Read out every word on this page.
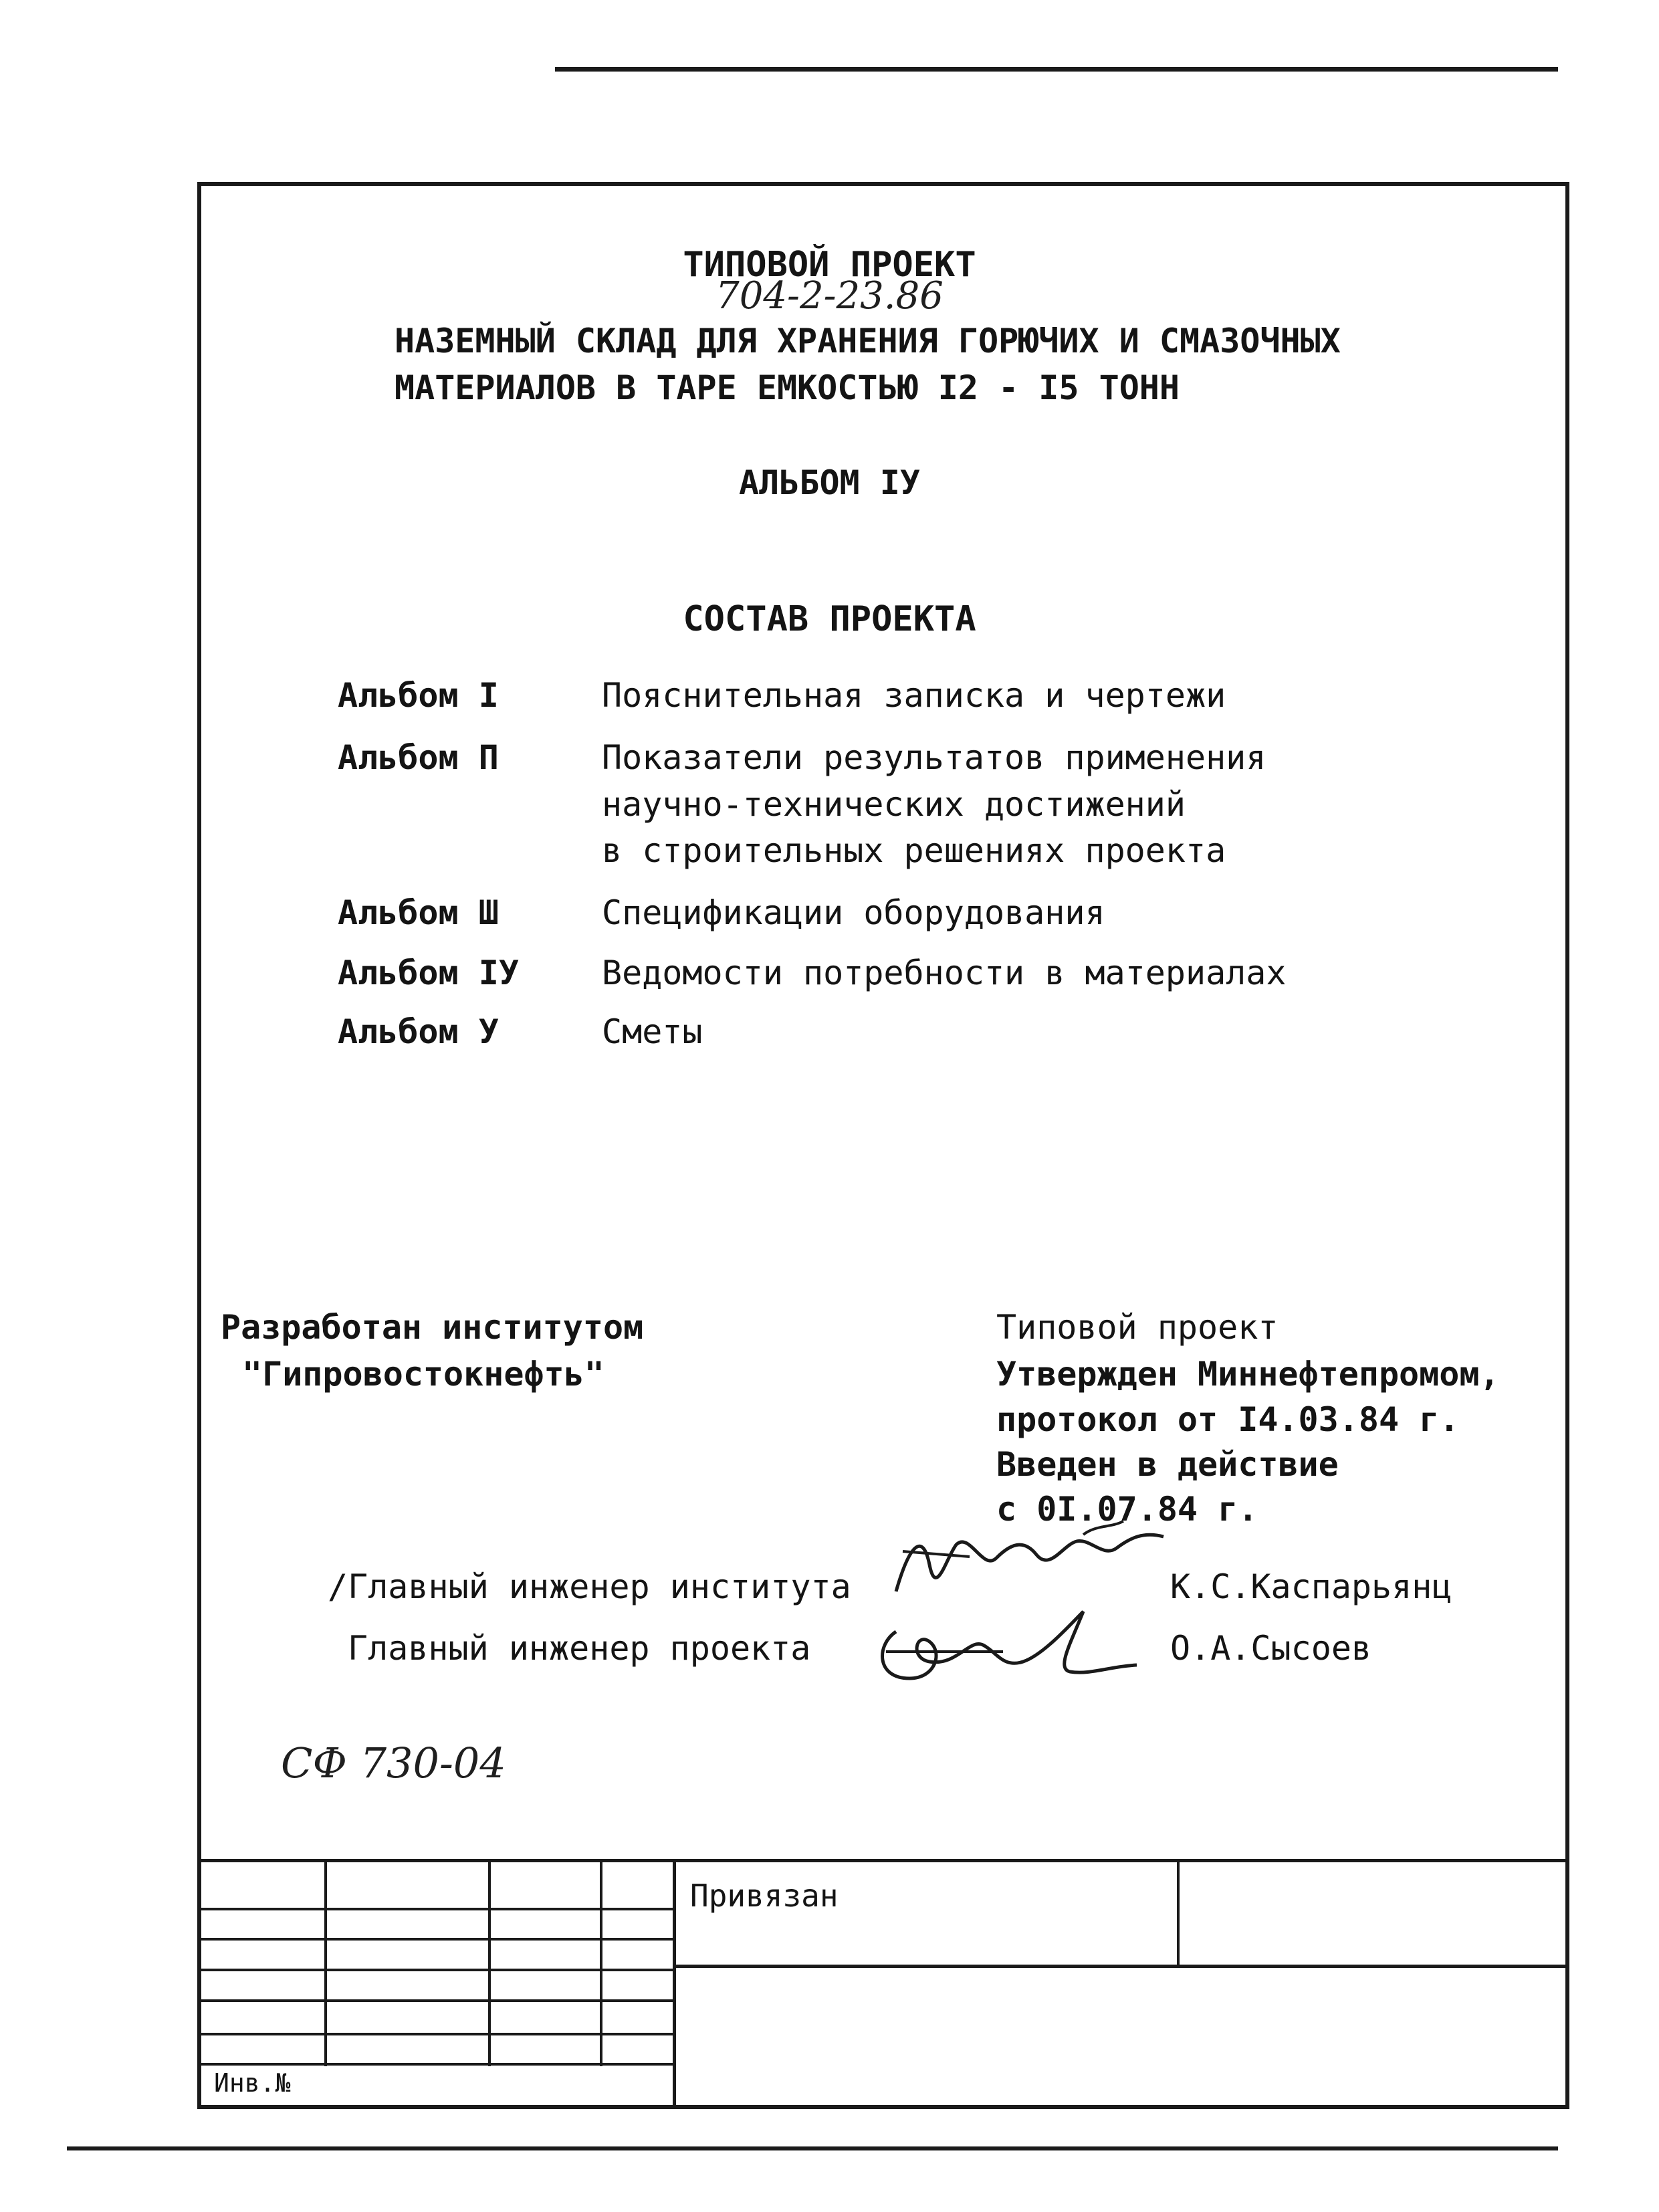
ТИПОВОЙ ПРОЕКТ
704-2-23.86
НАЗЕМНЫЙ СКЛАД ДЛЯ ХРАНЕНИЯ ГОРЮЧИХ И СМАЗОЧНЫХ
МАТЕРИАЛОВ В ТАРЕ ЕМКОСТЬЮ I2 - I5 ТОНН
АЛЬБОМ IУ
СОСТАВ ПРОЕКТА
Альбом I	Пояснительная записка и чертежи
Альбом П	Показатели результатов применения
научно-технических достижений
в строительных решениях проекта
Альбом Ш	Спецификации оборудования
Альбом IУ Ведомости потребности в материалах
Альбом У	Сметы
Разработан институтом
"Гипровостокнефть"
Типовой проект
Утвержден Миннефтепромом,
протокол от I4.03.84 г.
Введен в действие
с 0I.07.84 г.
/Главный инженер института	К.С.Каспарьянц
Главный инженер проекта	О.А.Сысоев
СФ 730-04
Привязан
Инв.№
